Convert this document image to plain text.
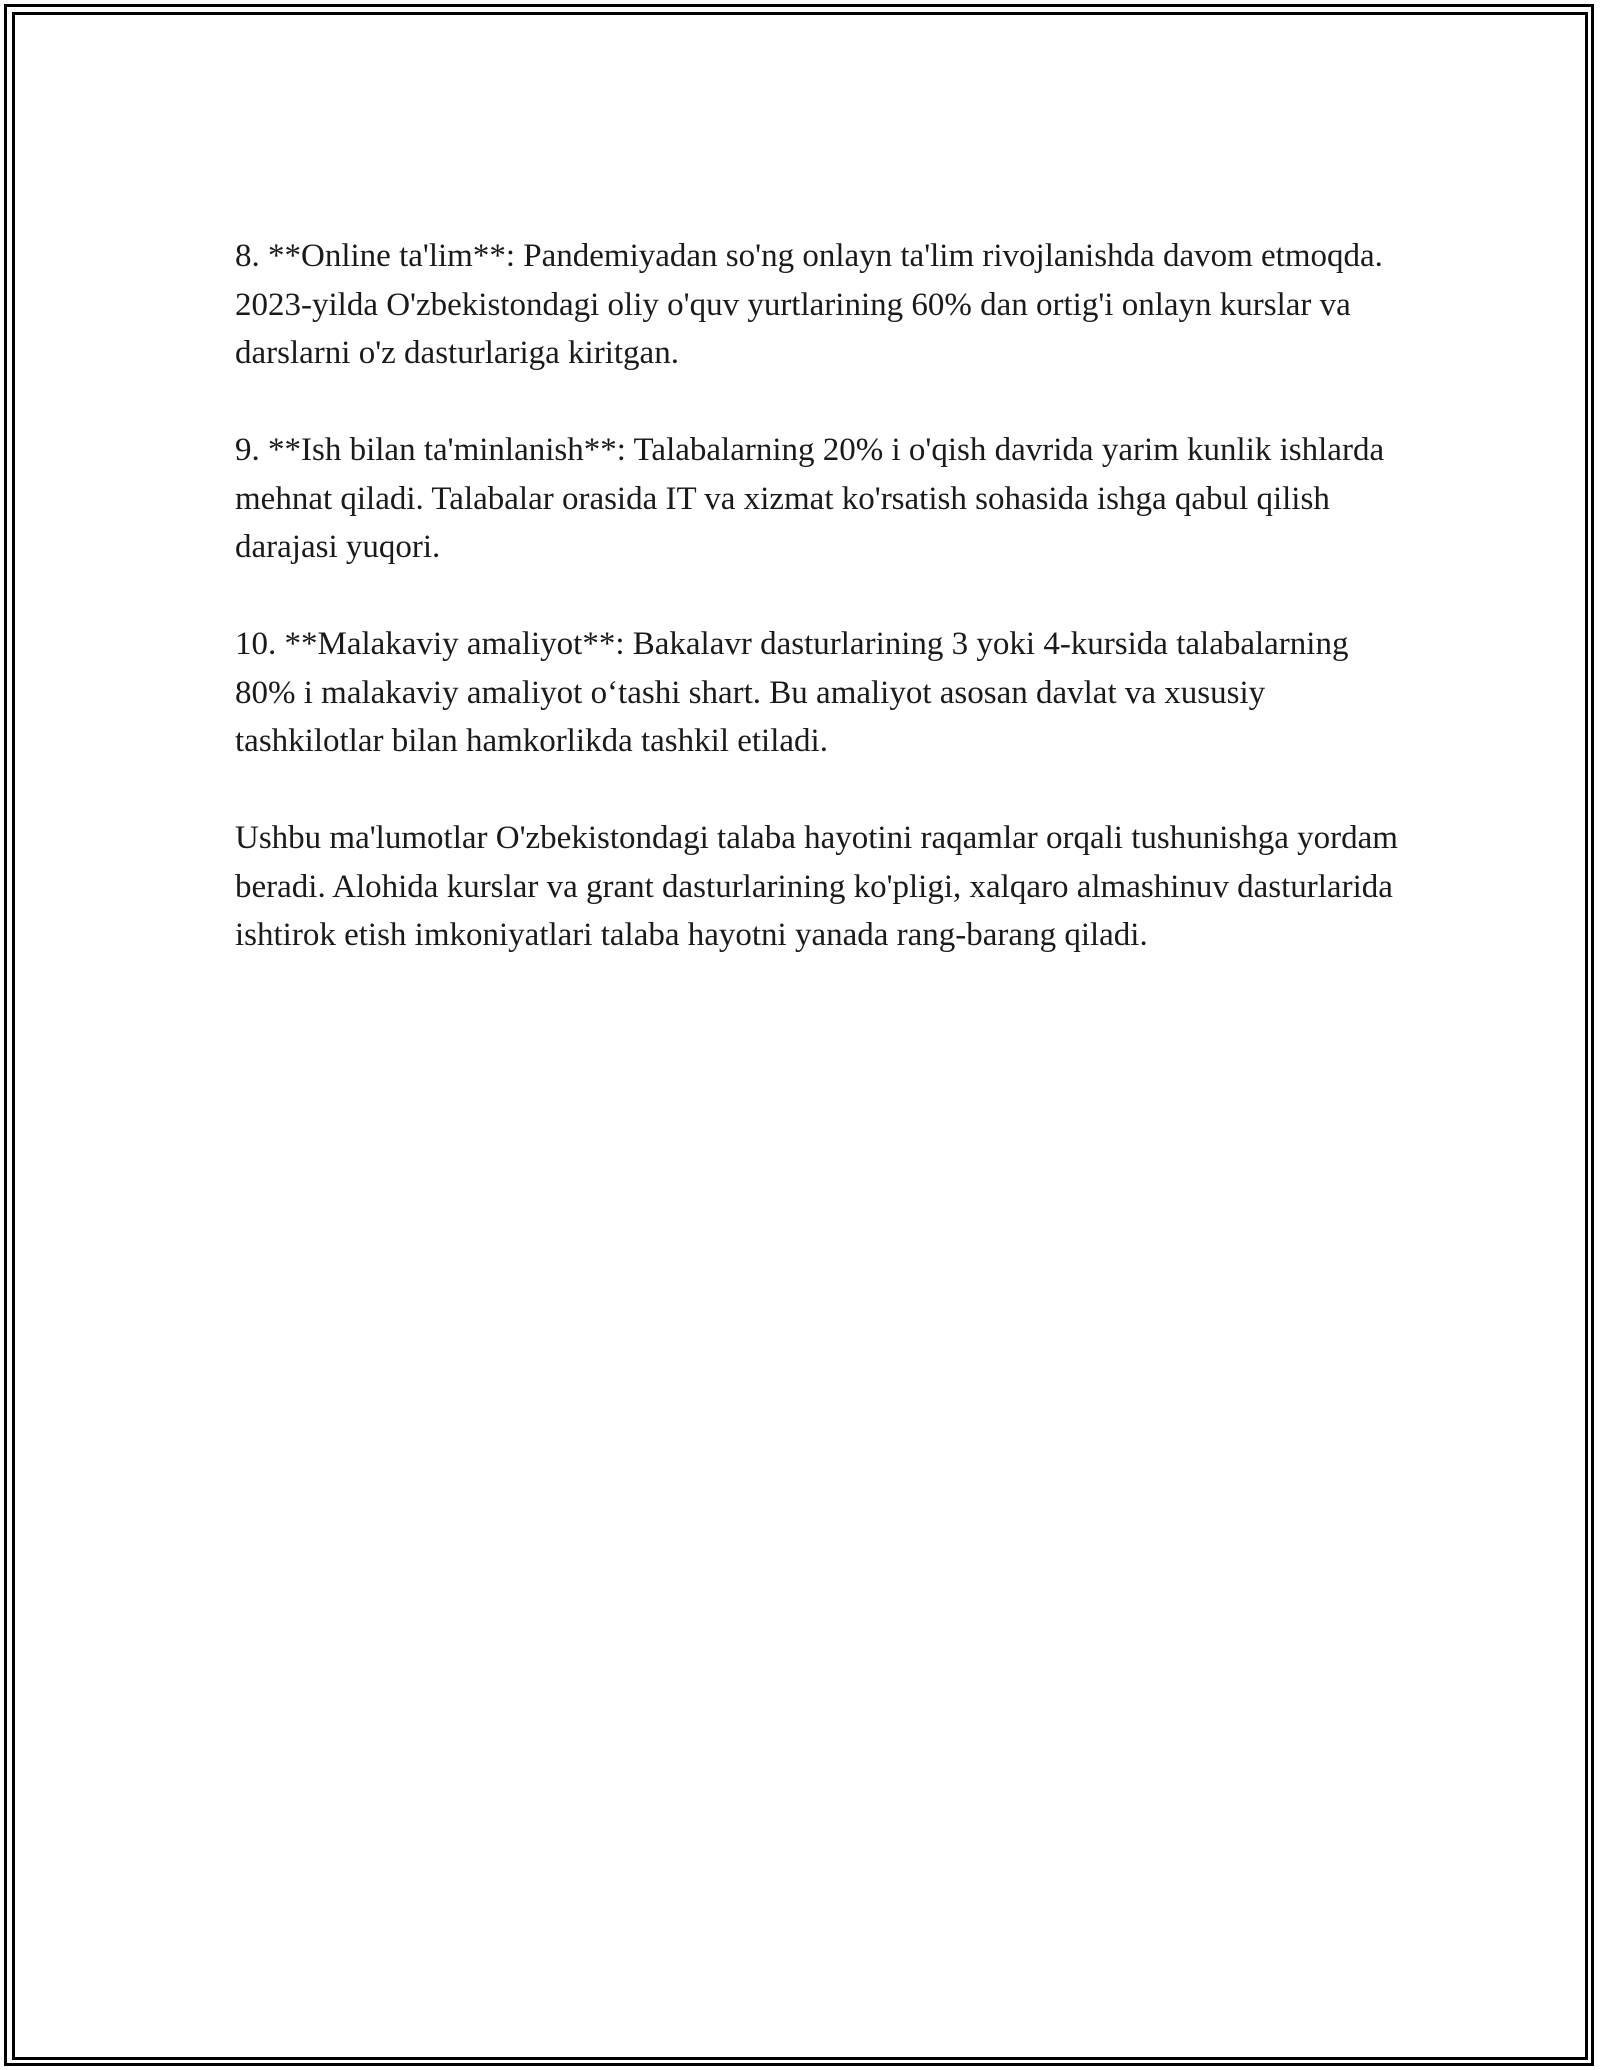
8. **Online ta'lim**: Pandemiyadan so'ng onlayn ta'lim rivojlanishda davom etmoqda. 2023-yilda O'zbekistondagi oliy o'quv yurtlarining 60% dan ortig'i onlayn kurslar va darslarni o'z dasturlariga kiritgan.

9. **Ish bilan ta'minlanish**: Talabalarning 20% i o'qish davrida yarim kunlik ishlarda mehnat qiladi. Talabalar orasida IT va xizmat ko'rsatish sohasida ishga qabul qilish darajasi yuqori.

10. **Malakaviy amaliyot**: Bakalavr dasturlarining 3 yoki 4-kursida talabalarning 80% i malakaviy amaliyot o‘tashi shart. Bu amaliyot asosan davlat va xususiy tashkilotlar bilan hamkorlikda tashkil etiladi.

Ushbu ma'lumotlar O'zbekistondagi talaba hayotini raqamlar orqali tushunishga yordam beradi. Alohida kurslar va grant dasturlarining ko'pligi, xalqaro almashinuv dasturlarida ishtirok etish imkoniyatlari talaba hayotni yanada rang-barang qiladi.
